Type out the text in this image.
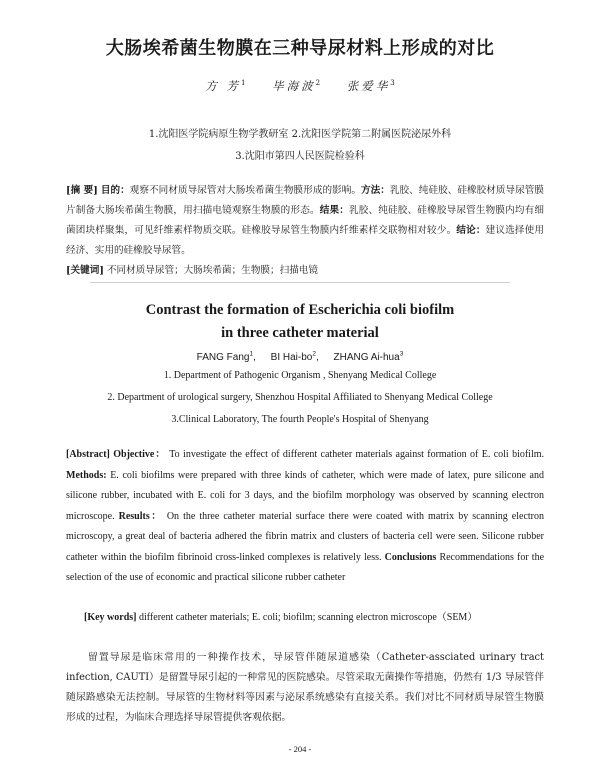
大肠埃希菌生物膜在三种导尿材料上形成的对比
方 芳$^1$ 毕海波$^2$ 张爱华$^3$
1.沈阳医学院病原生物学教研室 2.沈阳医学院第二附属医院泌尿外科
3.沈阳市第四人民医院检验科
[摘 要] 目的：观察不同材质导尿管对大肠埃希菌生物膜形成的影响。方法：乳胶、纯硅胶、硅橡胶材质导尿管膜片制备大肠埃希菌生物膜，用扫描电镜观察生物膜的形态。结果：乳胶、纯硅胶、硅橡胶导尿管生物膜内均有细菌团块样聚集，可见纤维素样物质交联。硅橡胶导尿管生物膜内纤维素样交联物相对较少。结论：建议选择使用经济、实用的硅橡胶导尿管。
[关键词] 不同材质导尿管；大肠埃希菌；生物膜；扫描电镜
Contrast the formation of Escherichia coli biofilm
in three catheter material
FANG Fang$^1$, BI Hai-$bo^2$, ZHANG Ai-hua$^3$
1. Department of Pathogenic Organism , Shenyang Medical College
2. Department of urological surgery, Shenzhou Hospital Affiliated to Shenyang Medical College
3.Clinical Laboratory, The fourth People's Hospital of Shenyang
[Abstract] Objective： To investigate the effect of different catheter materials against formation of E. coli biofilm. Methods: E. coli biofilms were prepared with three kinds of catheter, which were made of latex, pure silicone and silicone rubber, incubated with E. coli for 3 days, and the biofilm morphology was observed by scanning electron microscope. Results： On the three catheter material surface there were coated with matrix by scanning electron microscopy, a great deal of bacteria adhered the fibrin matrix and clusters of bacteria cell were seen. Silicone rubber catheter within the biofilm fibrinoid cross-linked complexes is relatively less. Conclusions Recommendations for the selection of the use of economic and practical silicone rubber catheter
[Key words] different catheter materials; E. coli; biofilm; scanning electron microscope（SEM）
留置导尿是临床常用的一种操作技术，导尿管伴随尿道感染（Catheter-assciated urinary tract infection, CAUTI）是留置导尿引起的一种常见的医院感染。尽管采取无菌操作等措施，仍然有 1/3 导尿管伴随尿路感染无法控制。导尿管的生物材料等因素与泌尿系统感染有直接关系。我们对比不同材质导尿管生物膜形成的过程，为临床合理选择导尿管提供客观依据。
- 204 -
